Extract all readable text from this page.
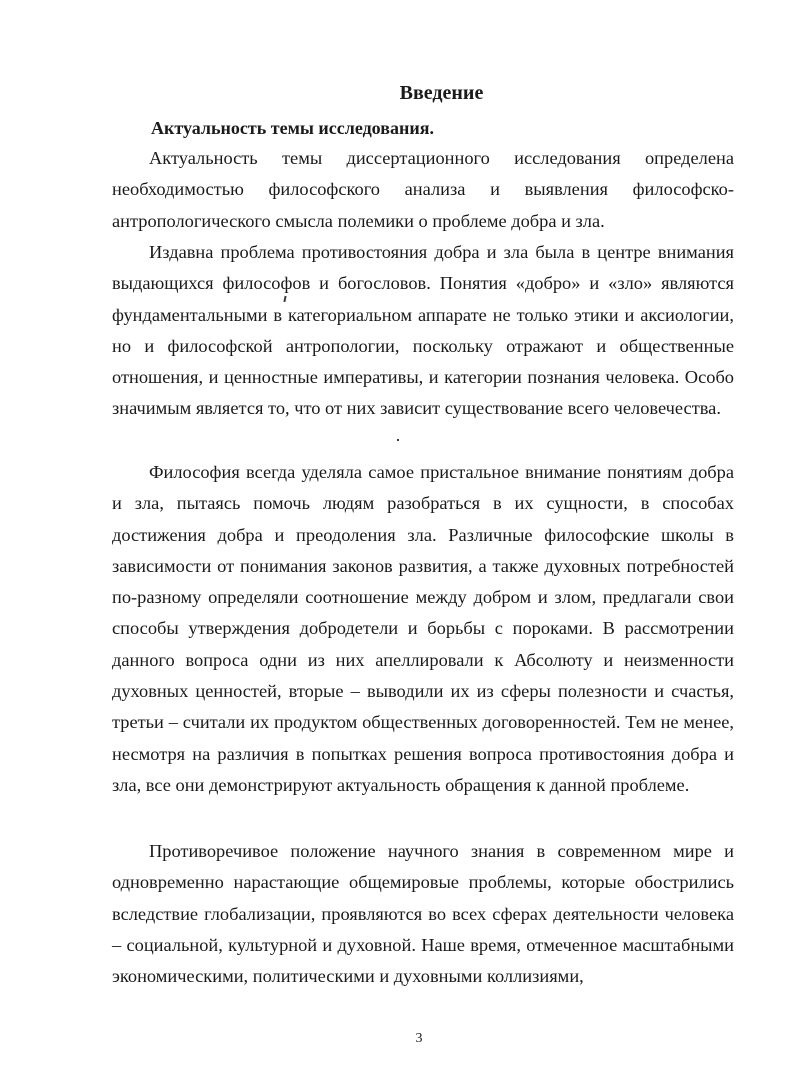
Введение
Актуальность темы исследования.

Актуальность темы диссертационного исследования определена необходимостью философского анализа и выявления философско-антропологического смысла полемики о проблеме добра и зла.

Издавна проблема противостояния добра и зла была в центре внимания выдающихся философов и богословов. Понятия «добро» и «зло» являются фундаментальными в категориальном аппарате не только этики и аксиологии, но и философской антропологии, поскольку отражают и общественные отношения, и ценностные императивы, и категории познания человека. Особо значимым является то, что от них зависит существование всего человечества.

Философия всегда уделяла самое пристальное внимание понятиям добра и зла, пытаясь помочь людям разобраться в их сущности, в способах достижения добра и преодоления зла. Различные философские школы в зависимости от понимания законов развития, а также духовных потребностей по-разному определяли соотношение между добром и злом, предлагали свои способы утверждения добродетели и борьбы с пороками. В рассмотрении данного вопроса одни из них апеллировали к Абсолюту и неизменности духовных ценностей, вторые – выводили их из сферы полезности и счастья, третьи – считали их продуктом общественных договоренностей. Тем не менее, несмотря на различия в попытках решения вопроса противостояния добра и зла, все они демонстрируют актуальность обращения к данной проблеме.

Противоречивое положение научного знания в современном мире и одновременно нарастающие общемировые проблемы, которые обострились вследствие глобализации, проявляются во всех сферах деятельности человека – социальной, культурной и духовной. Наше время, отмеченное масштабными экономическими, политическими и духовными коллизиями,

3
